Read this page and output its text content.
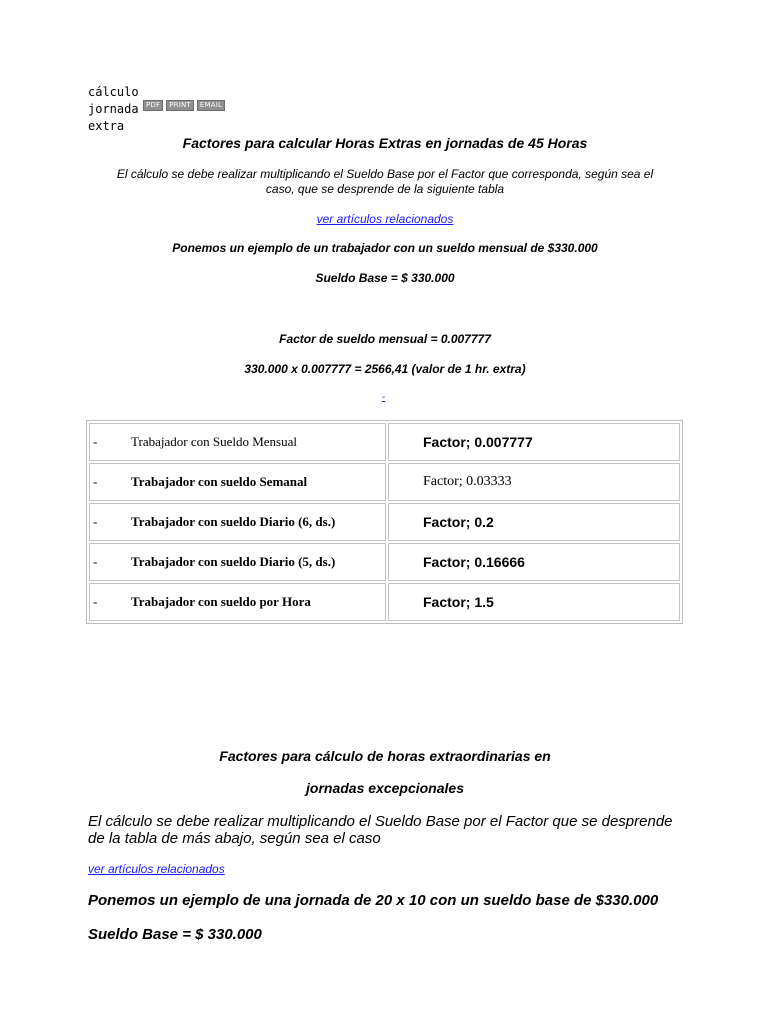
cálculo
jornada
extra
PDF	PRINT	EMAIL
Factores para calcular Horas Extras en jornadas de 45 Horas
El cálculo se debe realizar multiplicando el Sueldo Base por el Factor que corresponda, según sea el caso, que se desprende de la siguiente tabla
ver artículos relacionados
Ponemos un ejemplo de un trabajador con un sueldo mensual de $330.000
Sueldo Base = $ 330.000
Factor de sueldo mensual = 0.007777
330.000 x 0.007777 = 2566,41 (valor de 1 hr. extra)
-
- Trabajador con Sueldo Mensual	Factor; 0.007777
- Trabajador con sueldo Semanal	Factor; 0.03333
- Trabajador con sueldo Diario (6, ds.)	Factor; 0.2
- Trabajador con sueldo Diario (5, ds.)	Factor; 0.16666
- Trabajador con sueldo por Hora	Factor; 1.5
Factores para cálculo de horas extraordinarias en
jornadas excepcionales
El cálculo se debe realizar multiplicando el Sueldo Base por el Factor que se desprende de la tabla de más abajo, según sea el caso
ver artículos relacionados
Ponemos un ejemplo de una jornada de 20 x 10 con un sueldo base de $330.000
Sueldo Base = $ 330.000
